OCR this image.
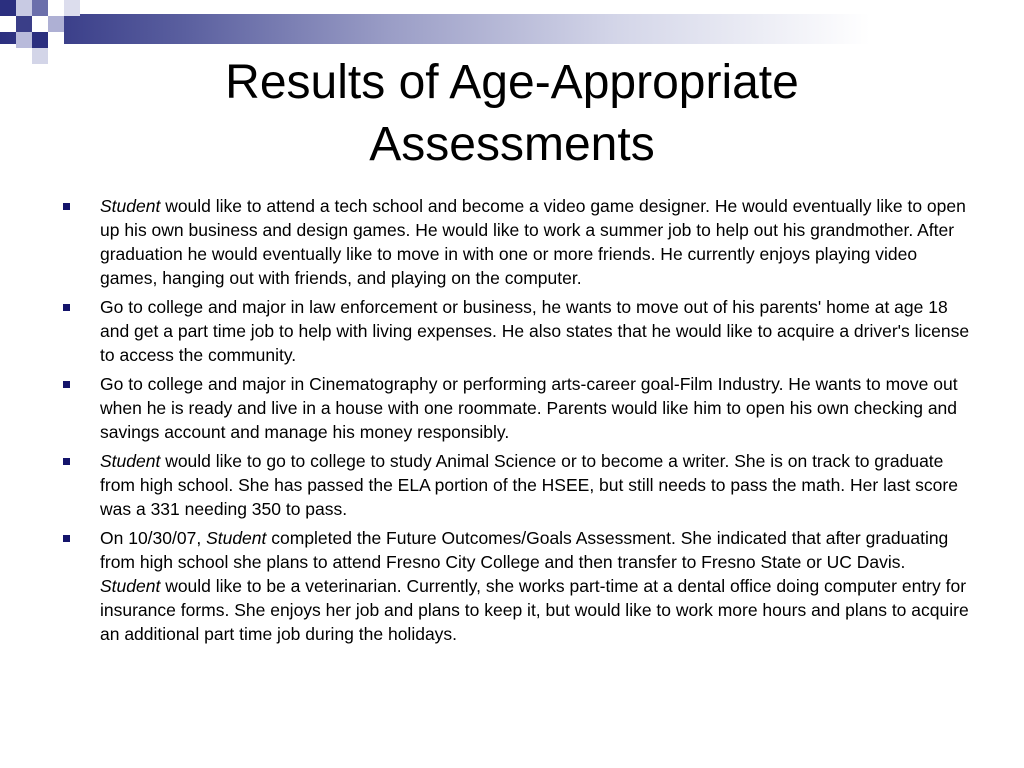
Results of Age-Appropriate
Assessments
Student would like to attend a tech school and become a video game designer. He would eventually like to open up his own business and design games. He would like to work a summer job to help out his grandmother. After graduation he would eventually like to move in with one or more friends. He currently enjoys playing video games, hanging out with friends, and playing on the computer.
Go to college and major in law enforcement or business, he wants to move out of his parents' home at age 18 and get a part time job to help with living expenses. He also states that he would like to acquire a driver's license to access the community.
Go to college and major in Cinematography or performing arts-career goal-Film Industry. He wants to move out when he is ready and live in a house with one roommate. Parents would like him to open his own checking and savings account and manage his money responsibly.
Student would like to go to college to study Animal Science or to become a writer. She is on track to graduate from high school. She has passed the ELA portion of the HSEE, but still needs to pass the math. Her last score was a 331 needing 350 to pass.
On 10/30/07, Student completed the Future Outcomes/Goals Assessment. She indicated that after graduating from high school she plans to attend Fresno City College and then transfer to Fresno State or UC Davis. Student would like to be a veterinarian. Currently, she works part-time at a dental office doing computer entry for insurance forms. She enjoys her job and plans to keep it, but would like to work more hours and plans to acquire an additional part time job during the holidays.
